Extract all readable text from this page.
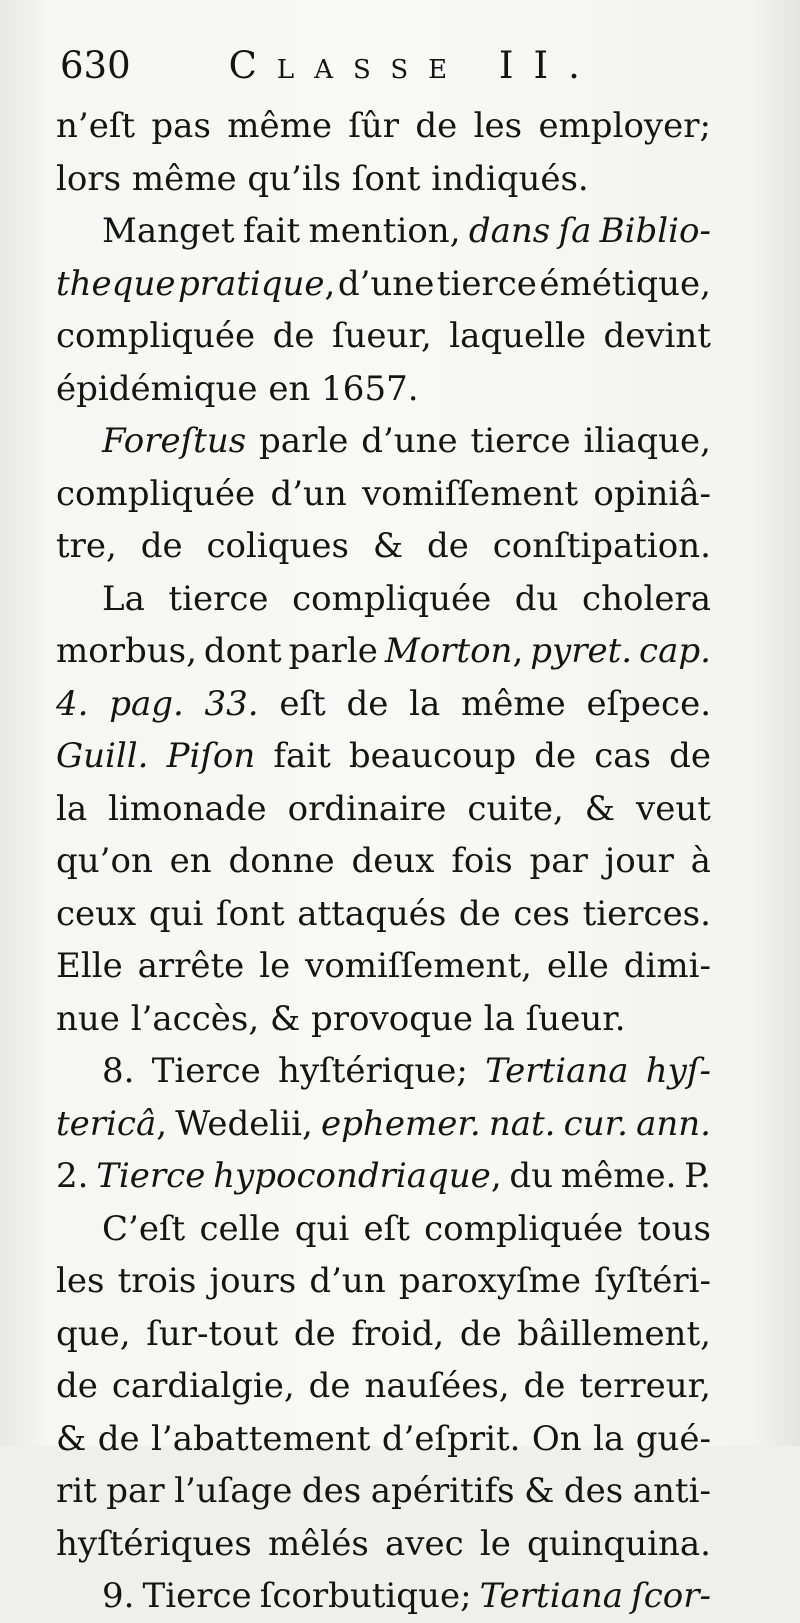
630	Classe II.
n’eſt pas même ſûr de les employer;
lors même qu’ils ſont indiqués.
Manget fait mention, dans ſa Biblio-
theque pratique, d’une tierce émétique,
compliquée de ſueur, laquelle devint
épidémique en 1657.
Foreſtus parle d’une tierce iliaque,
compliquée d’un vomiſſement opiniâ-
tre, de coliques & de conſtipation.
La tierce compliquée du cholera
morbus, dont parle Morton, pyret. cap.
4. pag. 33. eſt de la même eſpece.
Guill. Piſon fait beaucoup de cas de
la limonade ordinaire cuite, & veut
qu’on en donne deux fois par jour à
ceux qui ſont attaqués de ces tierces.
Elle arrête le vomiſſement, elle dimi-
nue l’accès, & provoque la ſueur.
8. Tierce hyſtérique; Tertiana hyſ-
tericâ, Wedelii, ephemer. nat. cur. ann.
2. Tierce hypocondriaque, du même. P.
C’eſt celle qui eſt compliquée tous
les trois jours d’un paroxyſme ſyſtéri-
que, ſur-tout de froid, de bâillement,
de cardialgie, de nauſées, de terreur,
& de l’abattement d’eſprit. On la gué-
rit par l’uſage des apéritifs & des anti-
hyſtériques mêlés avec le quinquina.
9. Tierce ſcorbutique; Tertiana ſcor-
